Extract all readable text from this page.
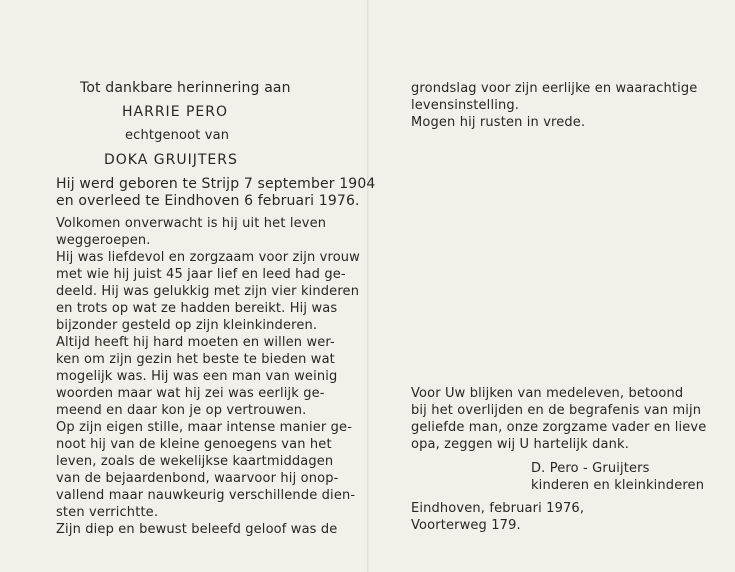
Tot dankbare herinnering aan
HARRIE PERO
echtgenoot van
DOKA GRUIJTERS
Hij werd geboren te Strijp 7 september 1904
en overleed te Eindhoven 6 februari 1976.
Volkomen onverwacht is hij uit het leven
weggeroepen.
Hij was liefdevol en zorgzaam voor zijn vrouw
met wie hij juist 45 jaar lief en leed had ge-
deeld. Hij was gelukkig met zijn vier kinderen
en trots op wat ze hadden bereikt. Hij was
bijzonder gesteld op zijn kleinkinderen.
Altijd heeft hij hard moeten en willen wer-
ken om zijn gezin het beste te bieden wat
mogelijk was. Hij was een man van weinig
woorden maar wat hij zei was eerlijk ge-
meend en daar kon je op vertrouwen.
Op zijn eigen stille, maar intense manier ge-
noot hij van de kleine genoegens van het
leven, zoals de wekelijkse kaartmiddagen
van de bejaardenbond, waarvoor hij onop-
vallend maar nauwkeurig verschillende dien-
sten verrichtte.
Zijn diep en bewust beleefd geloof was de
grondslag voor zijn eerlijke en waarachtige
levensinstelling.
Mogen hij rusten in vrede.
Voor Uw blijken van medeleven, betoond
bij het overlijden en de begrafenis van mijn
geliefde man, onze zorgzame vader en lieve
opa, zeggen wij U hartelijk dank.
D. Pero - Gruijters
kinderen en kleinkinderen
Eindhoven, februari 1976,
Voorterweg 179.
